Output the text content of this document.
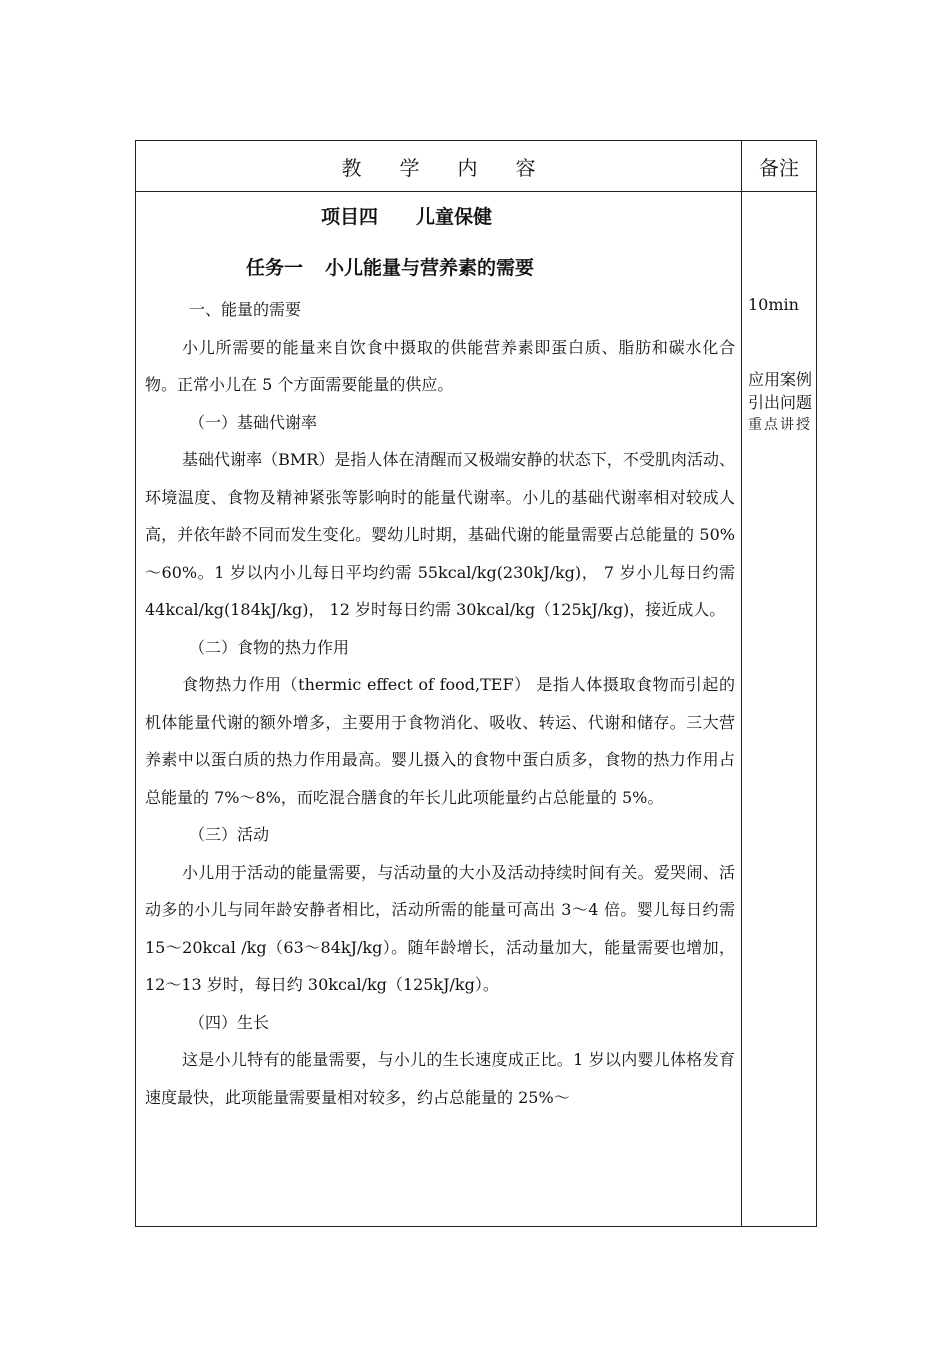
教学内容	备注
项目四 儿童保健
任务一 小儿能量与营养素的需要

一、能量的需要

小儿所需要的能量来自饮食中摄取的供能营养素即蛋白质、脂肪和碳水化合物。正常小儿在 5 个方面需要能量的供应。

（一）基础代谢率

基础代谢率（BMR）是指人体在清醒而又极端安静的状态下，不受肌肉活动、环境温度、食物及精神紧张等影响时的能量代谢率。小儿的基础代谢率相对较成人高，并依年龄不同而发生变化。婴幼儿时期，基础代谢的能量需要占总能量的 50%～60%。1 岁以内小儿每日平均约需 55kcal/kg(230kJ/kg)， 7 岁小儿每日约需 44kcal/kg(184kJ/kg)， 12 岁时每日约需 30kcal/kg（125kJ/kg)，接近成人。

（二）食物的热力作用

食物热力作用（thermic effect of food,TEF） 是指人体摄取食物而引起的机体能量代谢的额外增多，主要用于食物消化、吸收、转运、代谢和储存。三大营养素中以蛋白质的热力作用最高。婴儿摄入的食物中蛋白质多，食物的热力作用占总能量的 7%～8%，而吃混合膳食的年长儿此项能量约占总能量的 5%。

（三）活动

小儿用于活动的能量需要，与活动量的大小及活动持续时间有关。爱哭闹、活动多的小儿与同年龄安静者相比，活动所需的能量可高出 3～4 倍。婴儿每日约需 15～20kcal /kg（63～84kJ/kg）。随年龄增长，活动量加大，能量需要也增加，12～13 岁时，每日约 30kcal/kg（125kJ/kg）。

（四）生长

这是小儿特有的能量需要，与小儿的生长速度成正比。1 岁以内婴儿体格发育速度最快，此项能量需要量相对较多，约占总能量的 25%～

10min
应用案例引出问题
重点讲授
